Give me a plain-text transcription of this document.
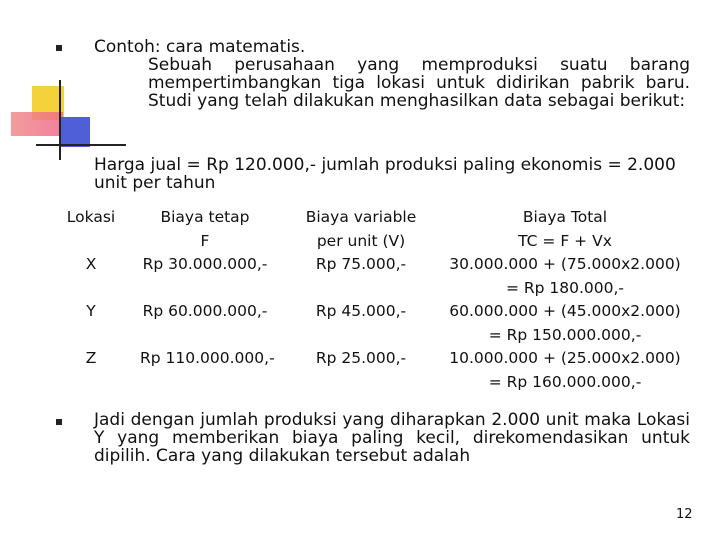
Contoh: cara matematis.
Sebuah perusahaan yang memproduksi suatu barang mempertimbangkan tiga lokasi untuk didirikan pabrik baru. Studi yang telah dilakukan menghasilkan data sebagai berikut:
Harga jual = Rp 120.000,- jumlah produksi paling ekonomis = 2.000 unit per tahun
Lokasi

X

Y

Z
Biaya tetap
F
Rp 30.000.000,-

Rp 60.000.000,-

Rp 110.000.000,-
Biaya variable
per unit (V)
Rp 75.000,-

Rp 45.000,-

Rp 25.000,-
Biaya Total
TC = F + Vx
30.000.000 + (75.000x2.000)
= Rp 180.000,-
60.000.000 + (45.000x2.000)
= Rp 150.000.000,-
10.000.000 + (25.000x2.000)
= Rp 160.000.000,-
Jadi dengan jumlah produksi yang diharapkan 2.000 unit maka Lokasi Y yang memberikan biaya paling kecil, direkomendasikan untuk dipilih. Cara yang dilakukan tersebut adalah
12
